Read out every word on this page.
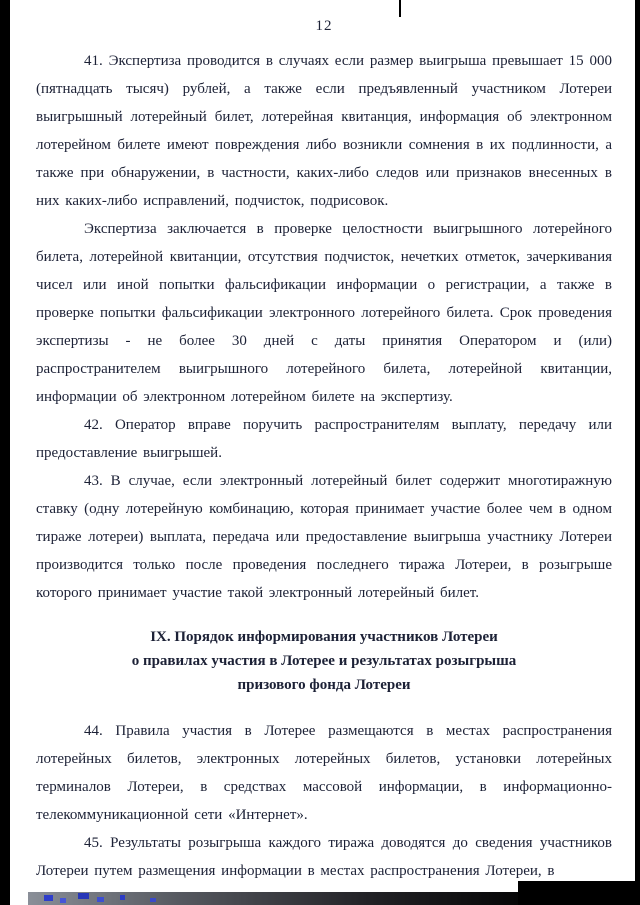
12

41. Экспертиза проводится в случаях если размер выигрыша превышает 15 000 (пятнадцать тысяч) рублей, а также если предъявленный участником Лотереи выигрышный лотерейный билет, лотерейная квитанция, информация об электронном лотерейном билете имеют повреждения либо возникли сомнения в их подлинности, а также при обнаружении, в частности, каких-либо следов или признаков внесенных в них каких-либо исправлений, подчисток, подрисовок.

Экспертиза заключается в проверке целостности выигрышного лотерейного билета, лотерейной квитанции, отсутствия подчисток, нечетких отметок, зачеркивания чисел или иной попытки фальсификации информации о регистрации, а также в проверке попытки фальсификации электронного лотерейного билета. Срок проведения экспертизы - не более 30 дней с даты принятия Оператором и (или) распространителем выигрышного лотерейного билета, лотерейной квитанции, информации об электронном лотерейном билете на экспертизу.

42. Оператор вправе поручить распространителям выплату, передачу или предоставление выигрышей.

43. В случае, если электронный лотерейный билет содержит многотиражную ставку (одну лотерейную комбинацию, которая принимает участие более чем в одном тираже лотереи) выплата, передача или предоставление выигрыша участнику Лотереи производится только после проведения последнего тиража Лотереи, в розыгрыше которого принимает участие такой электронный лотерейный билет.

IX. Порядок информирования участников Лотереи
о правилах участия в Лотерее и результатах розыгрыша
призового фонда Лотереи

44. Правила участия в Лотерее размещаются в местах распространения лотерейных билетов, электронных лотерейных билетов, установки лотерейных терминалов Лотереи, в средствах массовой информации, в информационно-телекоммуникационной сети «Интернет».

45. Результаты розыгрыша каждого тиража доводятся до сведения участников Лотереи путем размещения информации в местах распространения Лотереи, в
